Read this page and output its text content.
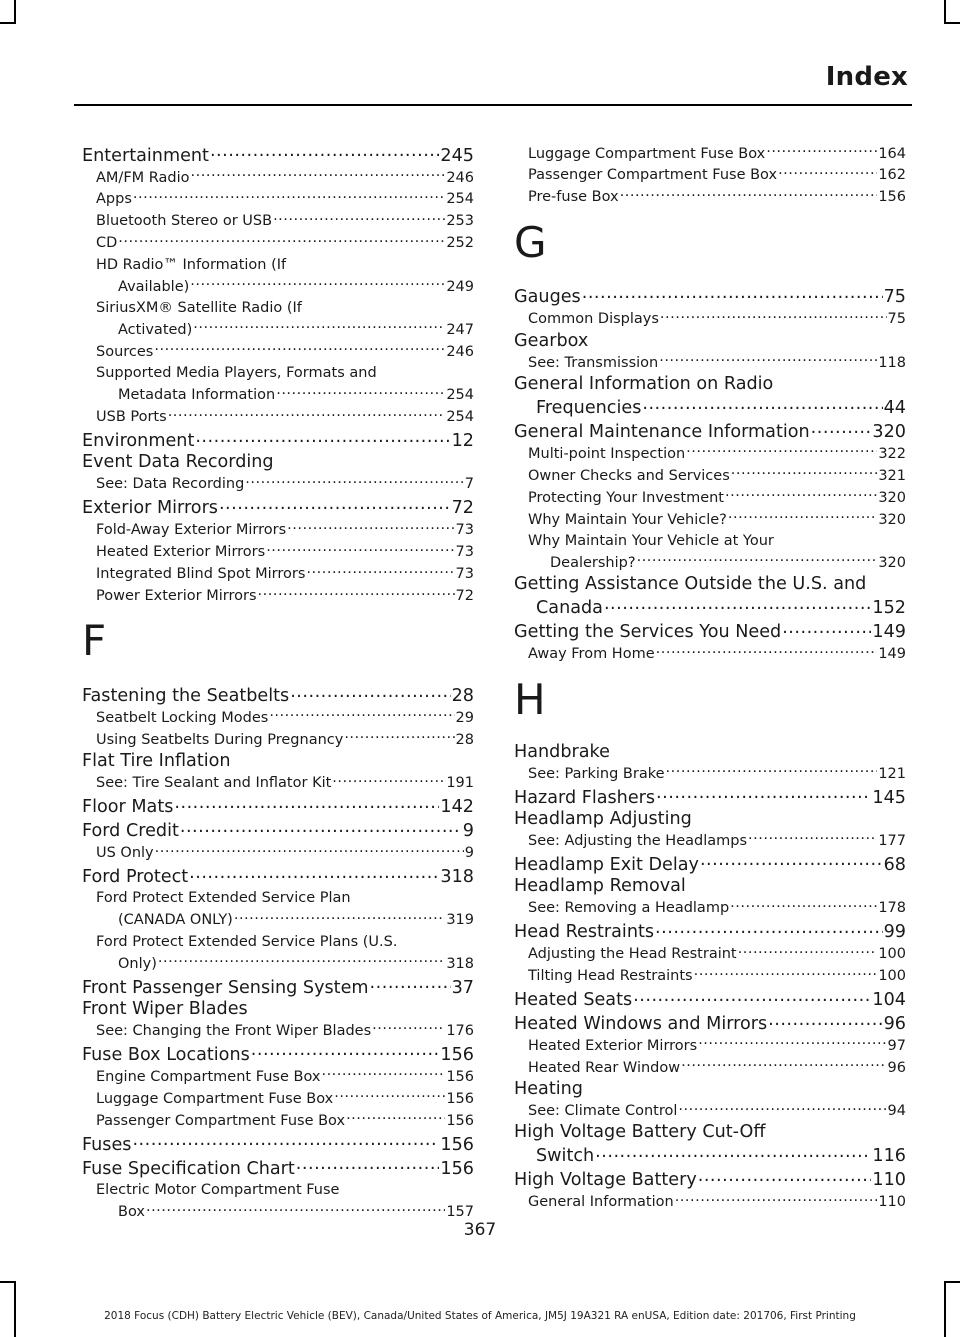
Index
Entertainment .....	245
AM/FM Radio .....	246
Apps .....	254
Bluetooth Stereo or USB .....	253
CD .....	252
HD Radio™ Information (If
Available) .....	249
SiriusXM® Satellite Radio (If
Activated) .....	247
Sources .....	246
Supported Media Players, Formats and
Metadata Information .....	254
USB Ports .....	254
Environment .....	12
Event Data Recording
See: Data Recording .....	7
Exterior Mirrors .....	72
Fold-Away Exterior Mirrors .....	73
Heated Exterior Mirrors .....	73
Integrated Blind Spot Mirrors .....	73
Power Exterior Mirrors .....	72
F
Fastening the Seatbelts .....	28
Seatbelt Locking Modes .....	29
Using Seatbelts During Pregnancy .....	28
Flat Tire Inflation
See: Tire Sealant and Inflator Kit .....	191
Floor Mats .....	142
Ford Credit .....	9
US Only .....	9
Ford Protect .....	318
Ford Protect Extended Service Plan
(CANADA ONLY) .....	319
Ford Protect Extended Service Plans (U.S.
Only) .....	318
Front Passenger Sensing System .....	37
Front Wiper Blades
See: Changing the Front Wiper Blades .....	176
Fuse Box Locations .....	156
Engine Compartment Fuse Box .....	156
Luggage Compartment Fuse Box .....	156
Passenger Compartment Fuse Box .....	156
Fuses .....	156
Fuse Specification Chart .....	156
Electric Motor Compartment Fuse
Box .....	157
Luggage Compartment Fuse Box .....	164
Passenger Compartment Fuse Box .....	162
Pre-fuse Box .....	156
G
Gauges .....	75
Common Displays .....	75
Gearbox
See: Transmission .....	118
General Information on Radio
Frequencies .....	44
General Maintenance Information .....	320
Multi-point Inspection .....	322
Owner Checks and Services .....	321
Protecting Your Investment .....	320
Why Maintain Your Vehicle? .....	320
Why Maintain Your Vehicle at Your
Dealership? .....	320
Getting Assistance Outside the U.S. and
Canada .....	152
Getting the Services You Need .....	149
Away From Home .....	149
H
Handbrake
See: Parking Brake .....	121
Hazard Flashers .....	145
Headlamp Adjusting
See: Adjusting the Headlamps .....	177
Headlamp Exit Delay .....	68
Headlamp Removal
See: Removing a Headlamp .....	178
Head Restraints .....	99
Adjusting the Head Restraint .....	100
Tilting Head Restraints .....	100
Heated Seats .....	104
Heated Windows and Mirrors .....	96
Heated Exterior Mirrors .....	97
Heated Rear Window .....	96
Heating
See: Climate Control .....	94
High Voltage Battery Cut-Off
Switch .....	116
High Voltage Battery .....	110
General Information .....	110
367
2018 Focus (CDH) Battery Electric Vehicle (BEV), Canada/United States of America, JM5J 19A321 RA enUSA, Edition date: 201706, First Printing
